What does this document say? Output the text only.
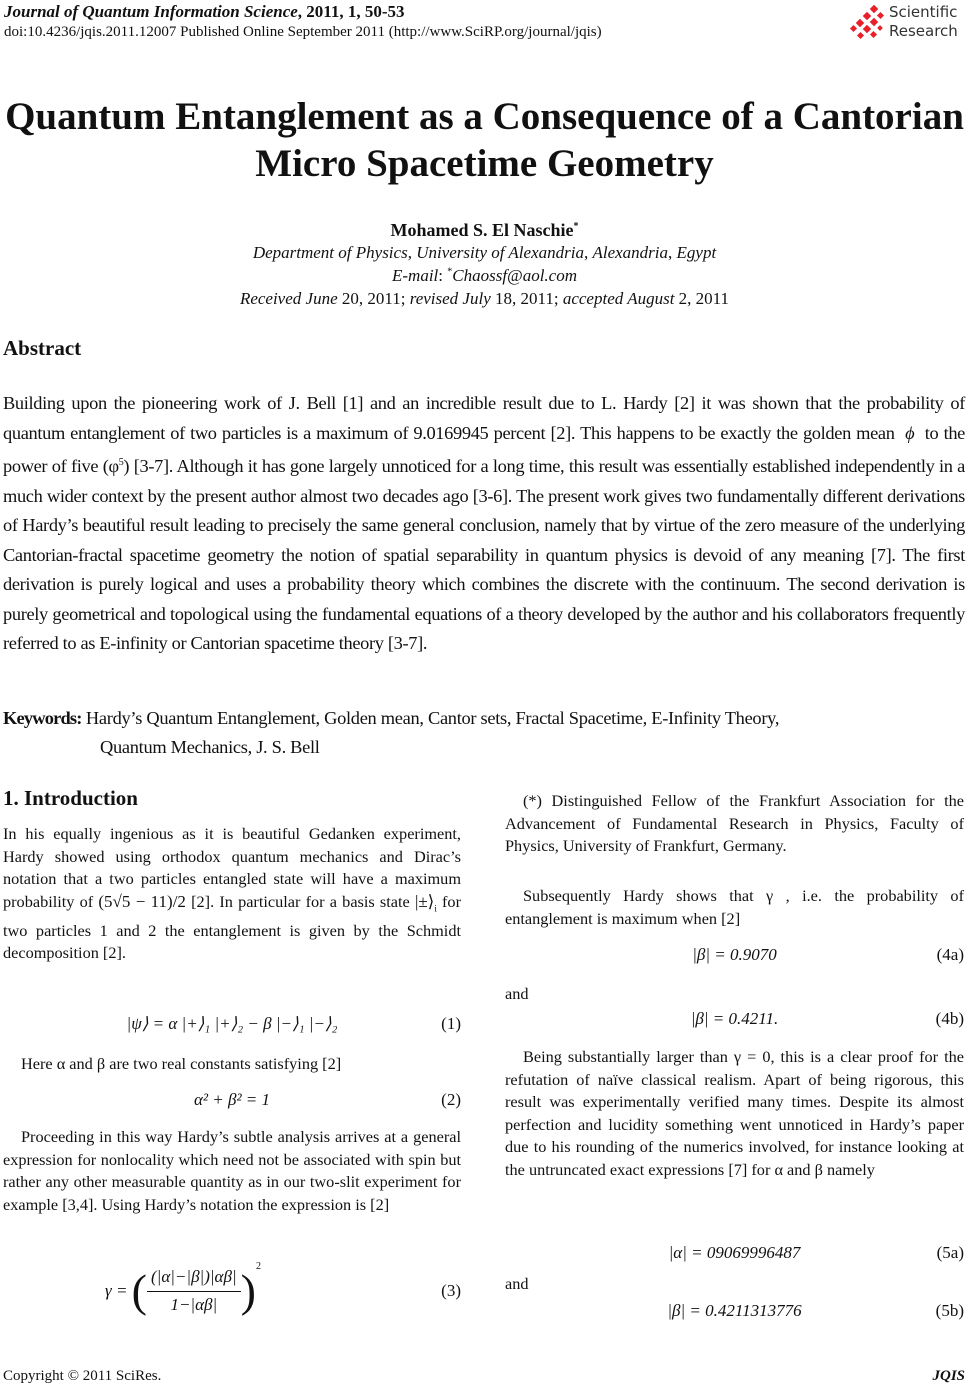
Journal of Quantum Information Science, 2011, 1, 50-53
doi:10.4236/jqis.2011.12007 Published Online September 2011 (http://www.SciRP.org/journal/jqis)
Scientific
Research
Quantum Entanglement as a Consequence of a Cantorian
Micro Spacetime Geometry
Mohamed S. El Naschie*
Department of Physics, University of Alexandria, Alexandria, Egypt
E-mail: *Chaossf@aol.com
Received June 20, 2011; revised July 18, 2011; accepted August 2, 2011
Abstract
Building upon the pioneering work of J. Bell [1] and an incredible result due to L. Hardy [2] it was shown that the probability of quantum entanglement of two particles is a maximum of 9.0169945 percent [2]. This happens to be exactly the golden mean ϕ to the power of five $(\varphi^5)$ [3-7]. Although it has gone largely unnoticed for a long time, this result was essentially established independently in a much wider context by the present author almost two decades ago [3-6]. The present work gives two fundamentally different derivations of Hardy’s beautiful result leading to precisely the same general conclusion, namely that by virtue of the zero measure of the underlying Cantorian-fractal spacetime geometry the notion of spatial separability in quantum physics is devoid of any meaning [7]. The first derivation is purely logical and uses a probability theory which combines the discrete with the continuum. The second derivation is purely geometrical and topological using the fundamental equations of a theory developed by the author and his collaborators frequently referred to as E-infinity or Cantorian spacetime theory [3-7].
Keywords: Hardy’s Quantum Entanglement, Golden mean, Cantor sets, Fractal Spacetime, E-Infinity Theory,
Quantum Mechanics, J. S. Bell
1. Introduction
In his equally ingenious as it is beautiful Gedanken experiment, Hardy showed using orthodox quantum mechanics and Dirac’s notation that a two particles entangled state will have a maximum probability of (5√5 − 11)/2 [2]. In particular for a basis state $|\pm⟩_i$ for two particles 1 and 2 the entanglement is given by the Schmidt decomposition [2].
|ψ⟩ = α |+⟩₁ |+⟩₂ − β |−⟩₁ |−⟩₂	(1)
Here α and β are two real constants satisfying [2]
α² + β² = 1	(2)
Proceeding in this way Hardy’s subtle analysis arrives at a general expression for nonlocality which need not be associated with spin but rather any other measurable quantity as in our two-slit experiment for example [3,4]. Using Hardy’s notation the expression is [2]
γ = ( $\frac{(|\alpha|-|\beta|)|\alpha\beta|}{1-|\alpha\beta|} )^2$
(3)
(*) Distinguished Fellow of the Frankfurt Association for the Advancement of Fundamental Research in Physics, Faculty of Physics, University of Frankfurt, Germany.
Subsequently Hardy shows that γ , i.e. the probability of entanglement is maximum when [2]
|β| = 0.9070	(4a)
and
|β| = 0.4211.	(4b)
Being substantially larger than γ = 0, this is a clear proof for the refutation of naïve classical realism. Apart of being rigorous, this result was experimentally verified many times. Despite its almost perfection and lucidity something went unnoticed in Hardy’s paper due to his rounding of the numerics involved, for instance looking at the untruncated exact expressions [7] for α and β namely
|α| = 09069996487	(5a)
and
|β| = 0.4211313776	(5b)
Copyright © 2011 SciRes.	JQIS
